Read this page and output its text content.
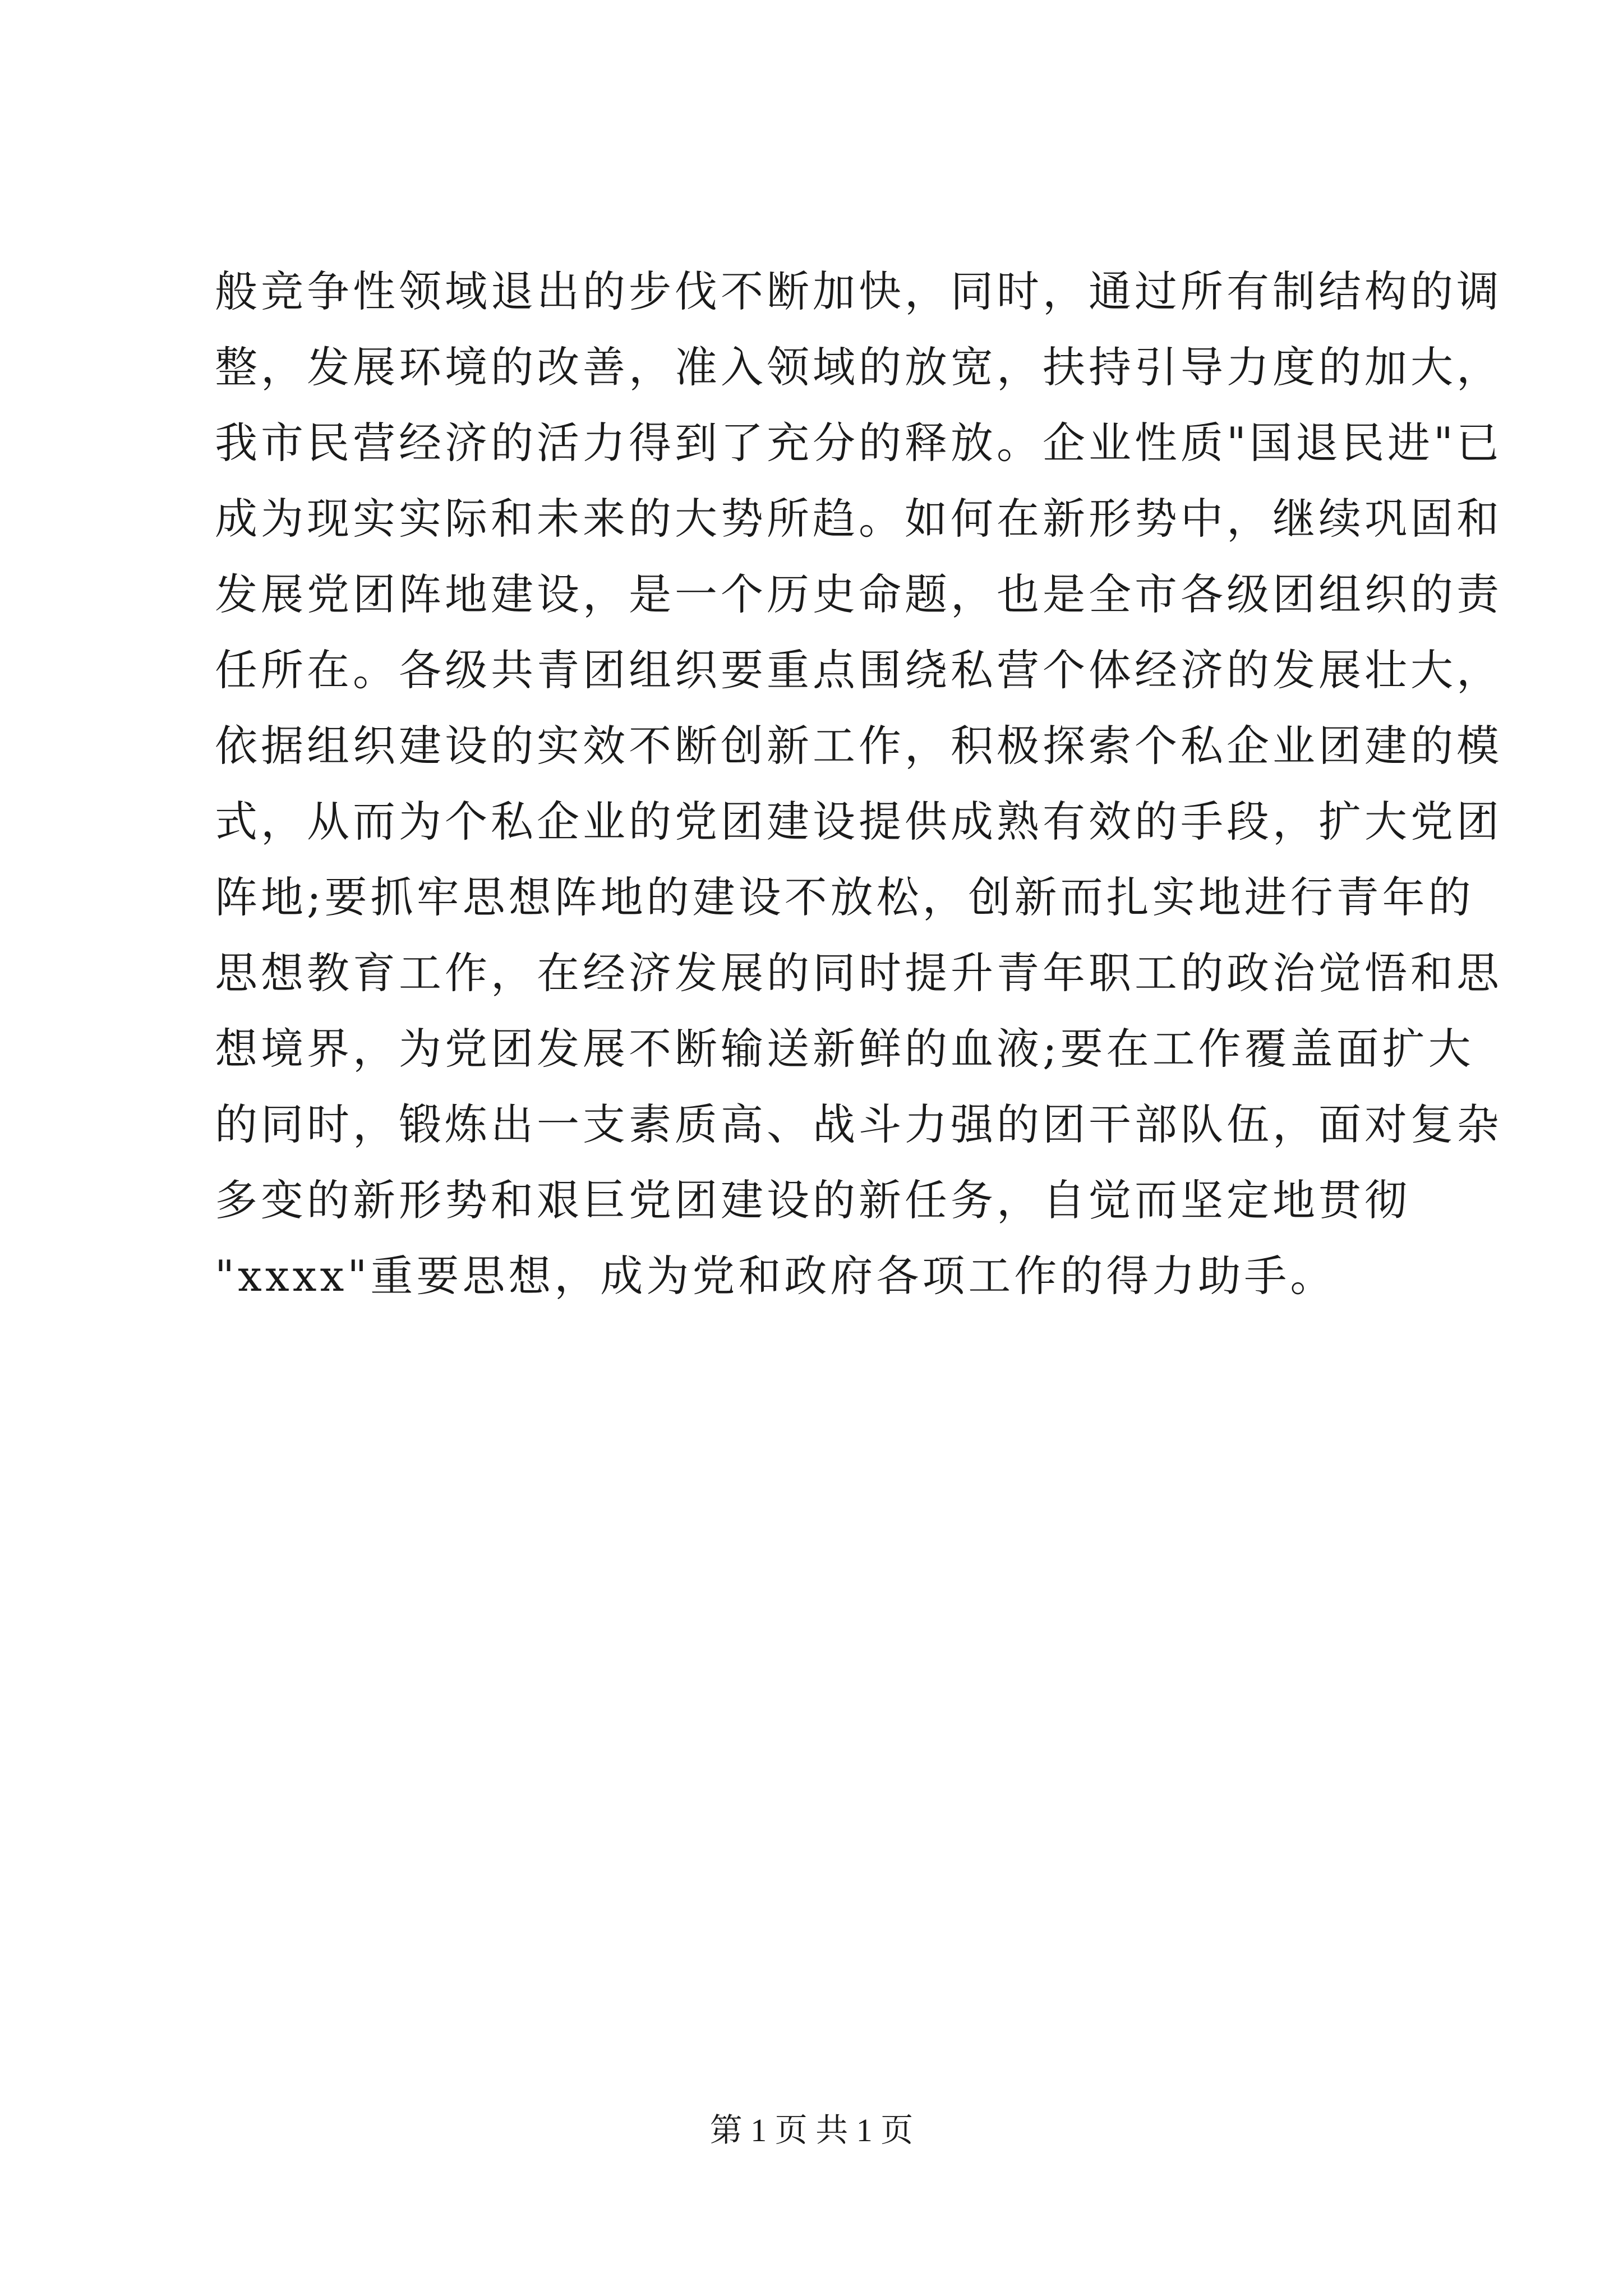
般竞争性领域退出的步伐不断加快，同时，通过所有制结构的调
整，发展环境的改善，准入领域的放宽，扶持引导力度的加大，
我市民营经济的活力得到了充分的释放。企业性质"国退民进"已
成为现实实际和未来的大势所趋。如何在新形势中，继续巩固和
发展党团阵地建设，是一个历史命题，也是全市各级团组织的责
任所在。各级共青团组织要重点围绕私营个体经济的发展壮大，
依据组织建设的实效不断创新工作，积极探索个私企业团建的模
式，从而为个私企业的党团建设提供成熟有效的手段，扩大党团
阵地;要抓牢思想阵地的建设不放松，创新而扎实地进行青年的
思想教育工作，在经济发展的同时提升青年职工的政治觉悟和思
想境界，为党团发展不断输送新鲜的血液;要在工作覆盖面扩大
的同时，锻炼出一支素质高、战斗力强的团干部队伍，面对复杂
多变的新形势和艰巨党团建设的新任务，自觉而坚定地贯彻
"xxxx"重要思想，成为党和政府各项工作的得力助手。
第 1 页 共 1 页
